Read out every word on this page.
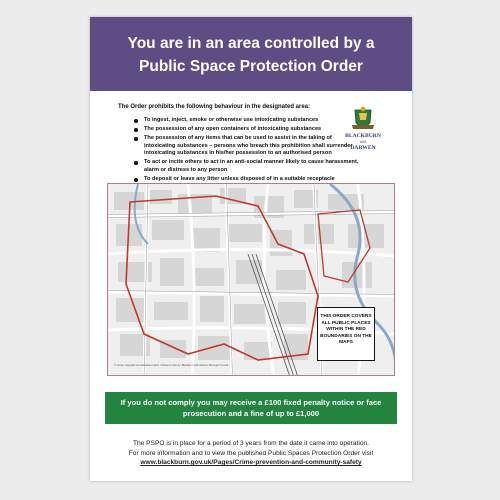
You are in an area controlled by a
Public Space Protection Order
The Order prohibits the following behaviour in the designated area:
BLACKBURN
with
DARWEN
To ingest, inject, smoke or otherwise use intoxicating substances
The possession of any open containers of intoxicating substances
The possession of any items that can be used to assist in the taking of intoxicating substances – persons who breach this prohibition shall surrender intoxicating substances in his/her possession to an authorised person
To act or incite others to act in an anti-social manner likely to cause harassment, alarm or distress to any person
To deposit or leave any litter unless disposed of in a suitable receptacle
THIS ORDER COVERS ALL PUBLIC PLACES WITHIN THE RED BOUNDARIES ON THE MAPS
© Crown copyright and database rights. Ordnance Survey. Blackburn with Darwen Borough Council
If you do not comply you may receive a £100 fixed penalty notice or face
prosecution and a fine of up to £1,000
The PSPO is in place for a period of 3 years from the date it came into operation.
For more information and to view the published Public Spaces Protection Order visit
www.blackburn.gov.uk/Pages/Crime-prevention-and-community-safety
